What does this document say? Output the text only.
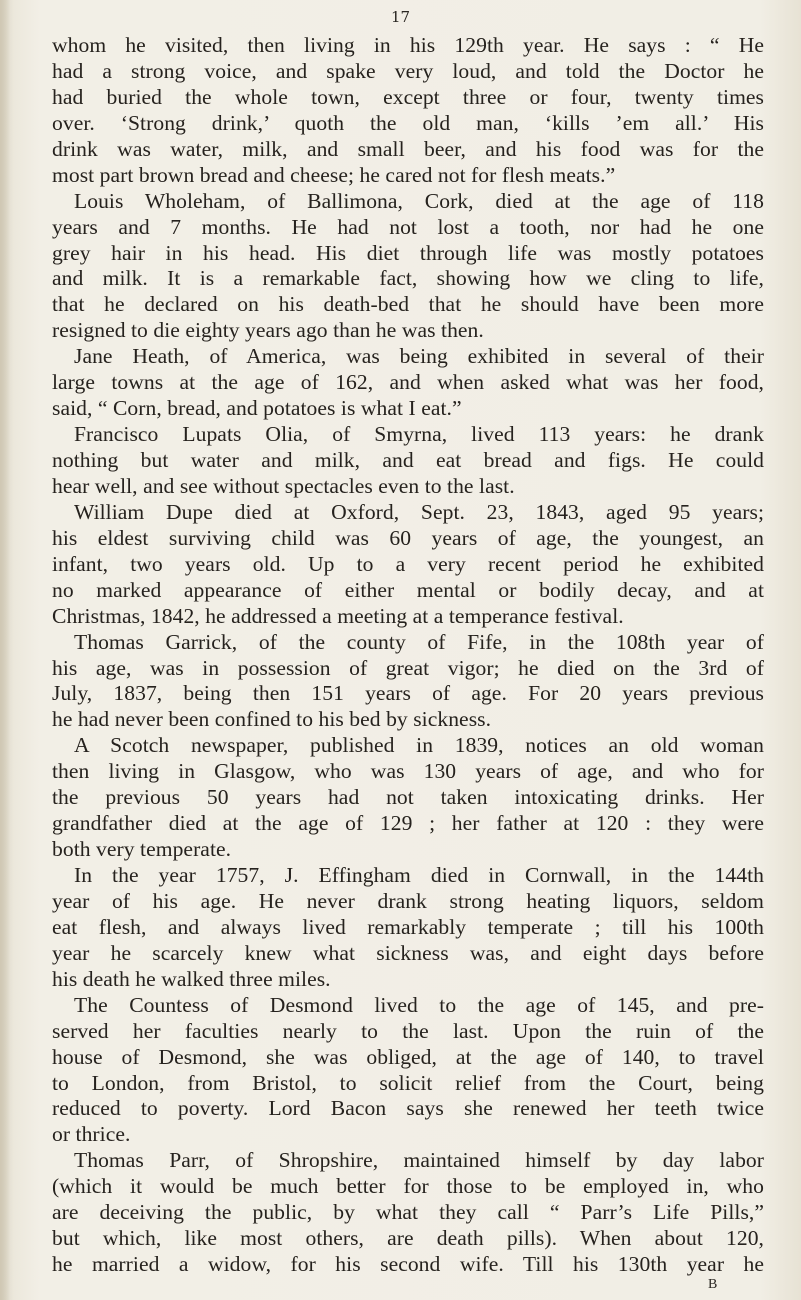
17
whom he visited, then living in his 129th year. He says : “ He
had a strong voice, and spake very loud, and told the Doctor he
had buried the whole town, except three or four, twenty times
over. ‘Strong drink,’ quoth the old man, ‘kills ’em all.’ His
drink was water, milk, and small beer, and his food was for the
most part brown bread and cheese; he cared not for flesh meats.”
Louis Wholeham, of Ballimona, Cork, died at the age of 118
years and 7 months. He had not lost a tooth, nor had he one
grey hair in his head. His diet through life was mostly potatoes
and milk. It is a remarkable fact, showing how we cling to life,
that he declared on his death-bed that he should have been more
resigned to die eighty years ago than he was then.
Jane Heath, of America, was being exhibited in several of their
large towns at the age of 162, and when asked what was her food,
said, “ Corn, bread, and potatoes is what I eat.”
Francisco Lupats Olia, of Smyrna, lived 113 years: he drank
nothing but water and milk, and eat bread and figs. He could
hear well, and see without spectacles even to the last.
William Dupe died at Oxford, Sept. 23, 1843, aged 95 years;
his eldest surviving child was 60 years of age, the youngest, an
infant, two years old. Up to a very recent period he exhibited
no marked appearance of either mental or bodily decay, and at
Christmas, 1842, he addressed a meeting at a temperance festival.
Thomas Garrick, of the county of Fife, in the 108th year of
his age, was in possession of great vigor; he died on the 3rd of
July, 1837, being then 151 years of age. For 20 years previous
he had never been confined to his bed by sickness.
A Scotch newspaper, published in 1839, notices an old woman
then living in Glasgow, who was 130 years of age, and who for
the previous 50 years had not taken intoxicating drinks. Her
grandfather died at the age of 129 ; her father at 120 : they were
both very temperate.
In the year 1757, J. Effingham died in Cornwall, in the 144th
year of his age. He never drank strong heating liquors, seldom
eat flesh, and always lived remarkably temperate ; till his 100th
year he scarcely knew what sickness was, and eight days before
his death he walked three miles.
The Countess of Desmond lived to the age of 145, and pre-
served her faculties nearly to the last. Upon the ruin of the
house of Desmond, she was obliged, at the age of 140, to travel
to London, from Bristol, to solicit relief from the Court, being
reduced to poverty. Lord Bacon says she renewed her teeth twice
or thrice.
Thomas Parr, of Shropshire, maintained himself by day labor
(which it would be much better for those to be employed in, who
are deceiving the public, by what they call “ Parr’s Life Pills,”
but which, like most others, are death pills). When about 120,
he married a widow, for his second wife. Till his 130th year he
B
